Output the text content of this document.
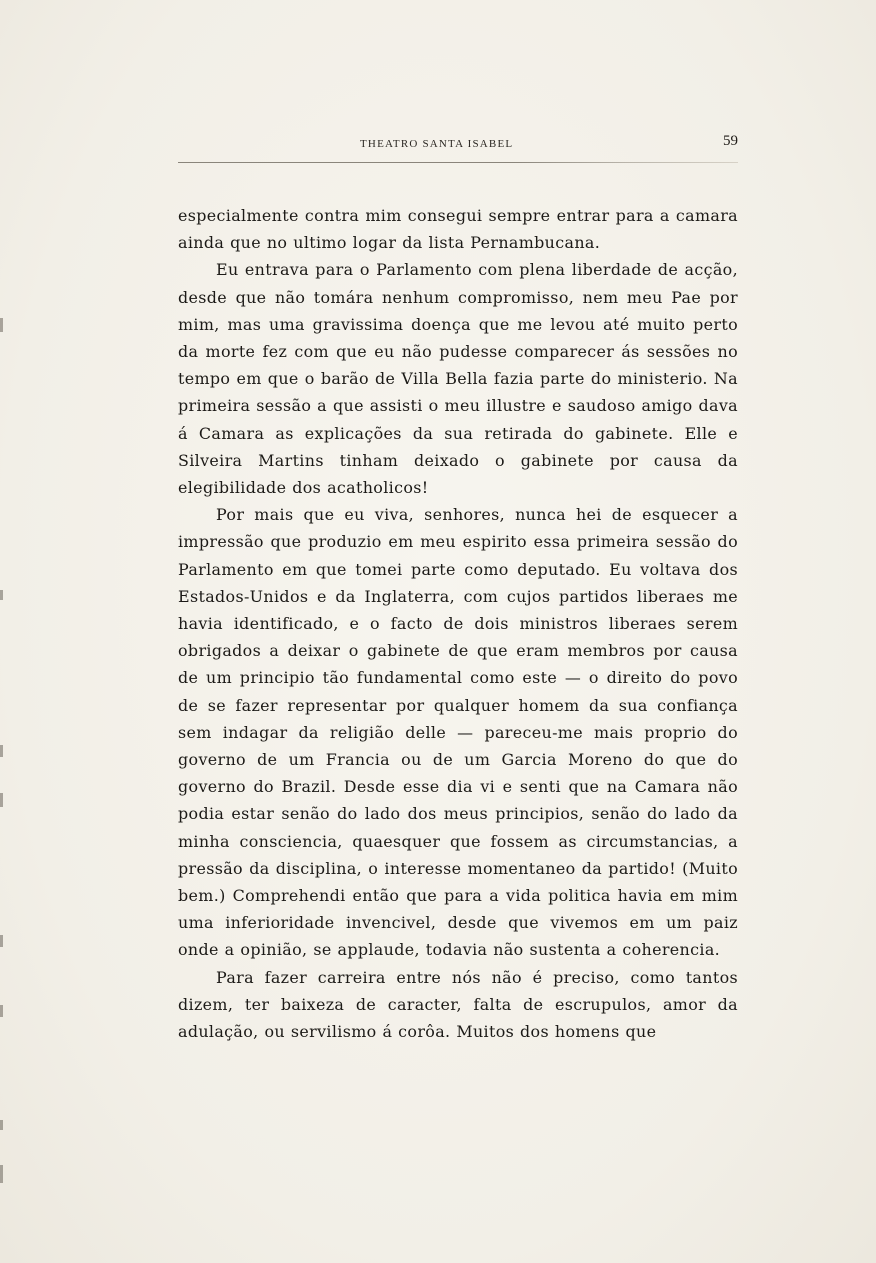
THEATRO SANTA ISABEL	59

especialmente contra mim consegui sempre entrar para a camara ainda que no ultimo logar da lista Pernambucana.

Eu entrava para o Parlamento com plena liberdade de acção, desde que não tomára nenhum compromisso, nem meu Pae por mim, mas uma gravissima doença que me levou até muito perto da morte fez com que eu não pudesse comparecer ás sessões no tempo em que o barão de Villa Bella fazia parte do ministerio. Na primeira sessão a que assisti o meu illustre e saudoso amigo dava á Camara as explicações da sua retirada do gabinete. Elle e Silveira Martins tinham deixado o gabinete por causa da elegibilidade dos acatholicos!

Por mais que eu viva, senhores, nunca hei de esquecer a impressão que produzio em meu espirito essa primeira sessão do Parlamento em que tomei parte como deputado. Eu voltava dos Estados-Unidos e da Inglaterra, com cujos partidos liberaes me havia identificado, e o facto de dois ministros liberaes serem obrigados a deixar o gabinete de que eram membros por causa de um principio tão fundamental como este — o direito do povo de se fazer representar por qualquer homem da sua confiança sem indagar da religião delle — pareceu-me mais proprio do governo de um Francia ou de um Garcia Moreno do que do governo do Brazil. Desde esse dia vi e senti que na Camara não podia estar senão do lado dos meus principios, senão do lado da minha consciencia, quaesquer que fossem as circumstancias, a pressão da disciplina, o interesse momentaneo da partido! (Muito bem.) Comprehendi então que para a vida politica havia em mim uma inferioridade invencivel, desde que vivemos em um paiz onde a opinião, se applaude, todavia não sustenta a coherencia.

Para fazer carreira entre nós não é preciso, como tantos dizem, ter baixeza de caracter, falta de escrupulos, amor da adulação, ou servilismo á corôa. Muitos dos homens que
